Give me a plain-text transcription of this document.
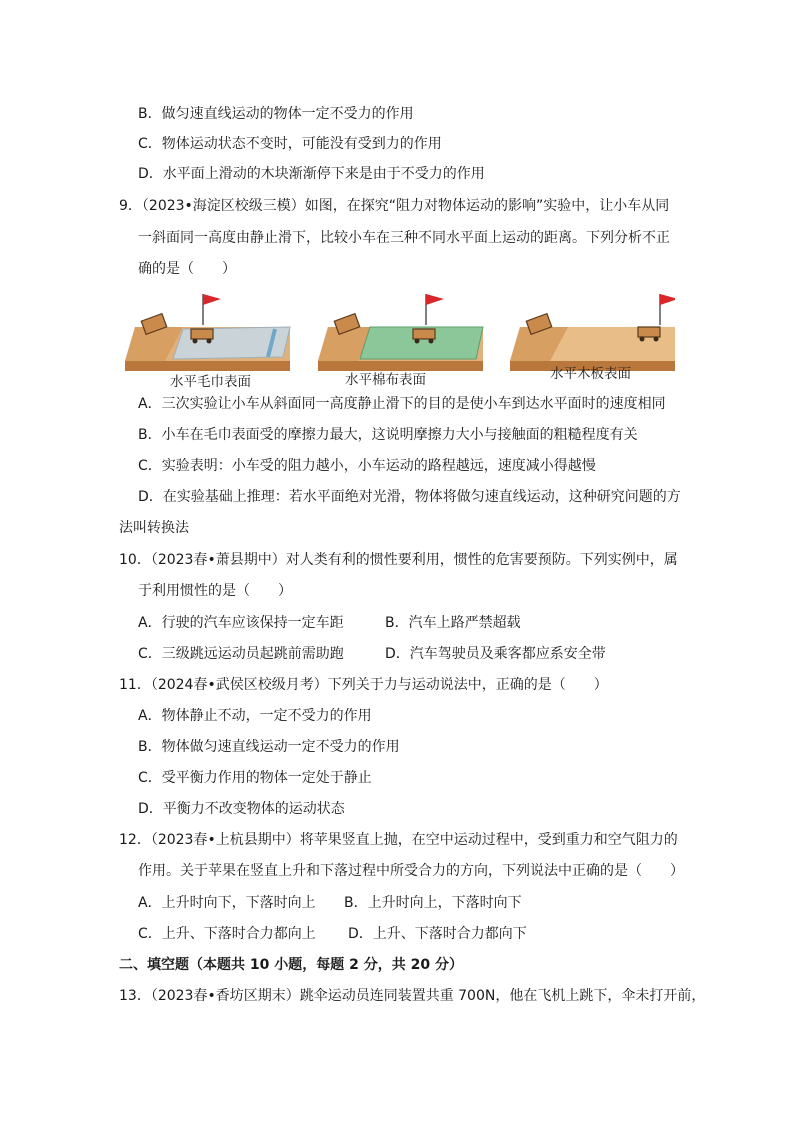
B．做匀速直线运动的物体一定不受力的作用
C．物体运动状态不变时，可能没有受到力的作用
D．水平面上滑动的木块渐渐停下来是由于不受力的作用
9．（2023•海淀区校级三模）如图，在探究“阻力对物体运动的影响”实验中，让小车从同
一斜面同一高度由静止滑下，比较小车在三种不同水平面上运动的距离。下列分析不正
确的是（　　）
水平毛巾表面	水平棉布表面	水平木板表面
A．三次实验让小车从斜面同一高度静止滑下的目的是使小车到达水平面时的速度相同
B．小车在毛巾表面受的摩擦力最大，这说明摩擦力大小与接触面的粗糙程度有关
C．实验表明：小车受的阻力越小，小车运动的路程越远，速度减小得越慢
D．在实验基础上推理：若水平面绝对光滑，物体将做匀速直线运动，这种研究问题的方
法叫转换法
10．（2023春•萧县期中）对人类有利的惯性要利用，惯性的危害要预防。下列实例中，属
于利用惯性的是（　　）
A．行驶的汽车应该保持一定车距	B．汽车上路严禁超载
C．三级跳远运动员起跳前需助跑	D．汽车驾驶员及乘客都应系安全带
11．（2024春•武侯区校级月考）下列关于力与运动说法中，正确的是（　　）
A．物体静止不动，一定不受力的作用
B．物体做匀速直线运动一定不受力的作用
C．受平衡力作用的物体一定处于静止
D．平衡力不改变物体的运动状态
12．（2023春•上杭县期中）将苹果竖直上抛，在空中运动过程中，受到重力和空气阻力的
作用。关于苹果在竖直上升和下落过程中所受合力的方向，下列说法中正确的是（　　）
A．上升时向下，下落时向上 B．上升时向上，下落时向下
C．上升、下落时合力都向上 D．上升、下落时合力都向下
二、填空题（本题共 10 小题，每题 2 分，共 20 分）
13．（2023春•香坊区期末）跳伞运动员连同装置共重 700N，他在飞机上跳下，伞未打开前，
